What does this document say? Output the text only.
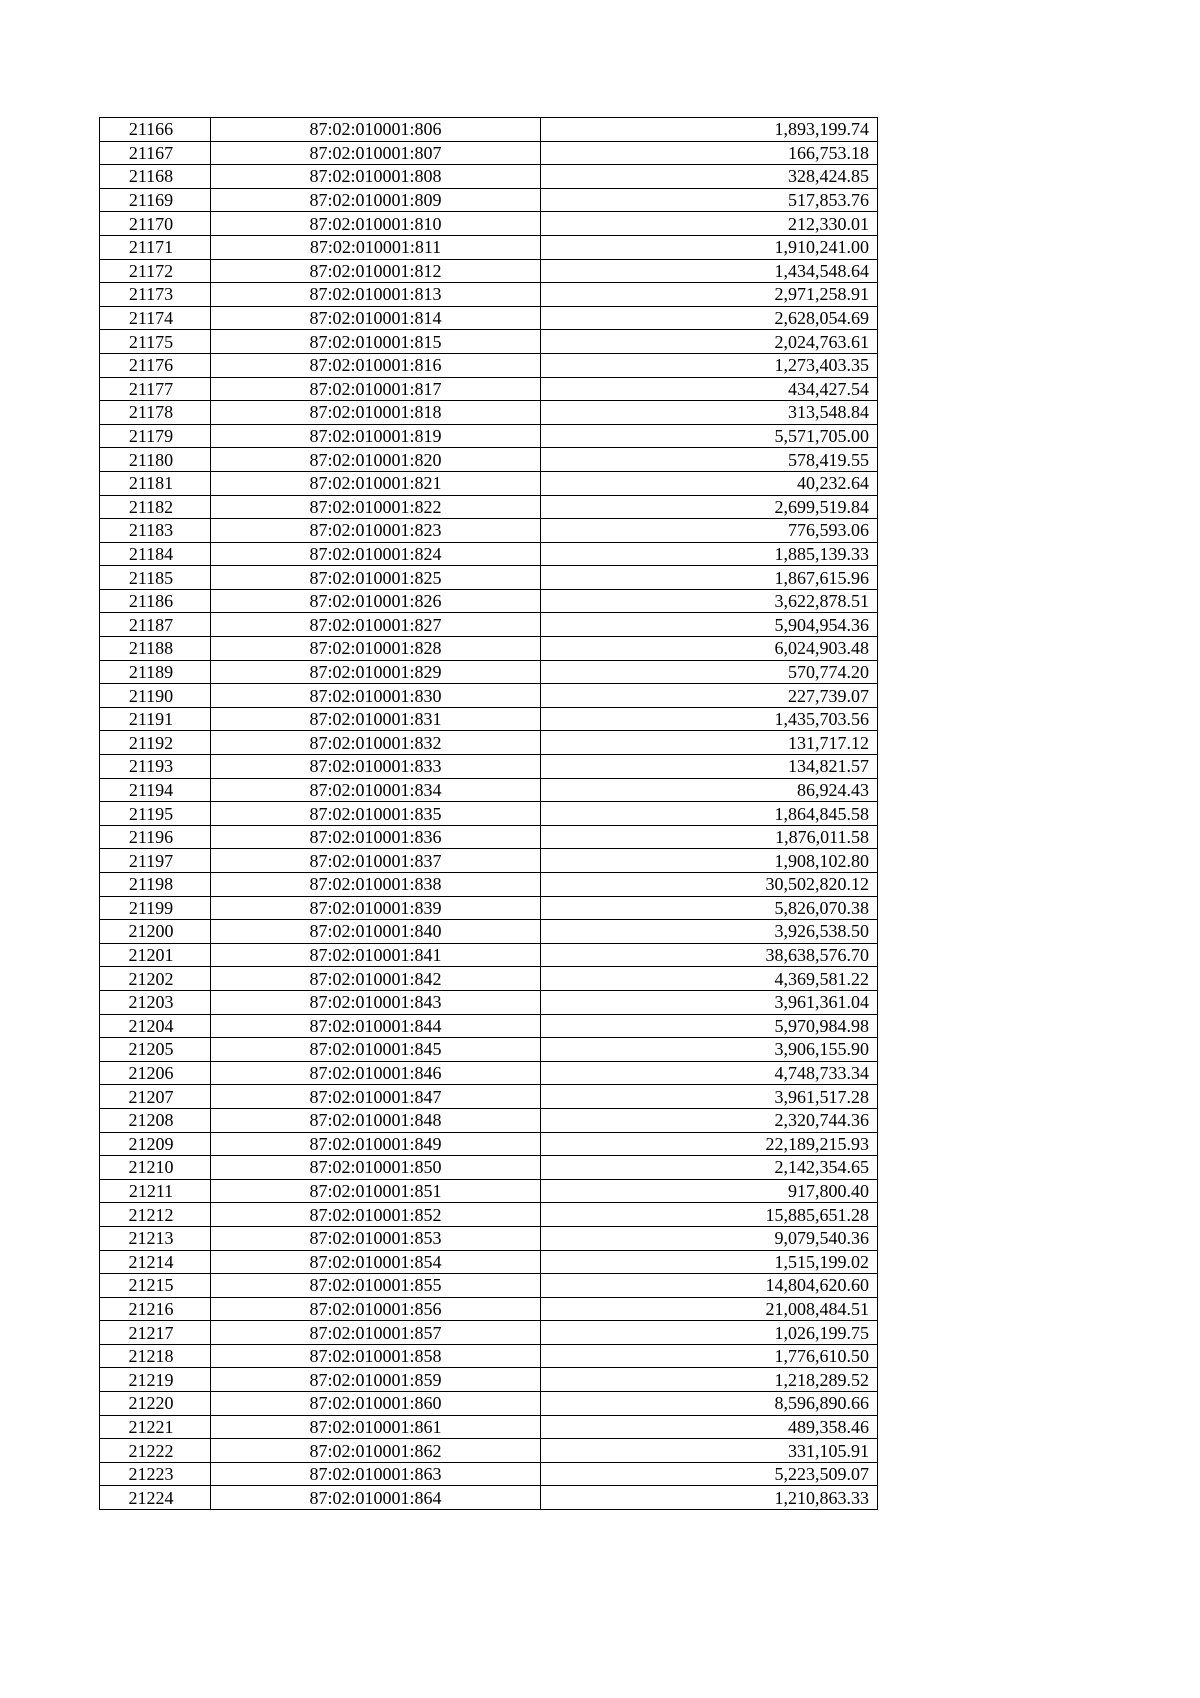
21166	87:02:010001:806	1,893,199.74
21167	87:02:010001:807	166,753.18
21168	87:02:010001:808	328,424.85
21169	87:02:010001:809	517,853.76
21170	87:02:010001:810	212,330.01
21171	87:02:010001:811	1,910,241.00
21172	87:02:010001:812	1,434,548.64
21173	87:02:010001:813	2,971,258.91
21174	87:02:010001:814	2,628,054.69
21175	87:02:010001:815	2,024,763.61
21176	87:02:010001:816	1,273,403.35
21177	87:02:010001:817	434,427.54
21178	87:02:010001:818	313,548.84
21179	87:02:010001:819	5,571,705.00
21180	87:02:010001:820	578,419.55
21181	87:02:010001:821	40,232.64
21182	87:02:010001:822	2,699,519.84
21183	87:02:010001:823	776,593.06
21184	87:02:010001:824	1,885,139.33
21185	87:02:010001:825	1,867,615.96
21186	87:02:010001:826	3,622,878.51
21187	87:02:010001:827	5,904,954.36
21188	87:02:010001:828	6,024,903.48
21189	87:02:010001:829	570,774.20
21190	87:02:010001:830	227,739.07
21191	87:02:010001:831	1,435,703.56
21192	87:02:010001:832	131,717.12
21193	87:02:010001:833	134,821.57
21194	87:02:010001:834	86,924.43
21195	87:02:010001:835	1,864,845.58
21196	87:02:010001:836	1,876,011.58
21197	87:02:010001:837	1,908,102.80
21198	87:02:010001:838	30,502,820.12
21199	87:02:010001:839	5,826,070.38
21200	87:02:010001:840	3,926,538.50
21201	87:02:010001:841	38,638,576.70
21202	87:02:010001:842	4,369,581.22
21203	87:02:010001:843	3,961,361.04
21204	87:02:010001:844	5,970,984.98
21205	87:02:010001:845	3,906,155.90
21206	87:02:010001:846	4,748,733.34
21207	87:02:010001:847	3,961,517.28
21208	87:02:010001:848	2,320,744.36
21209	87:02:010001:849	22,189,215.93
21210	87:02:010001:850	2,142,354.65
21211	87:02:010001:851	917,800.40
21212	87:02:010001:852	15,885,651.28
21213	87:02:010001:853	9,079,540.36
21214	87:02:010001:854	1,515,199.02
21215	87:02:010001:855	14,804,620.60
21216	87:02:010001:856	21,008,484.51
21217	87:02:010001:857	1,026,199.75
21218	87:02:010001:858	1,776,610.50
21219	87:02:010001:859	1,218,289.52
21220	87:02:010001:860	8,596,890.66
21221	87:02:010001:861	489,358.46
21222	87:02:010001:862	331,105.91
21223	87:02:010001:863	5,223,509.07
21224	87:02:010001:864	1,210,863.33
